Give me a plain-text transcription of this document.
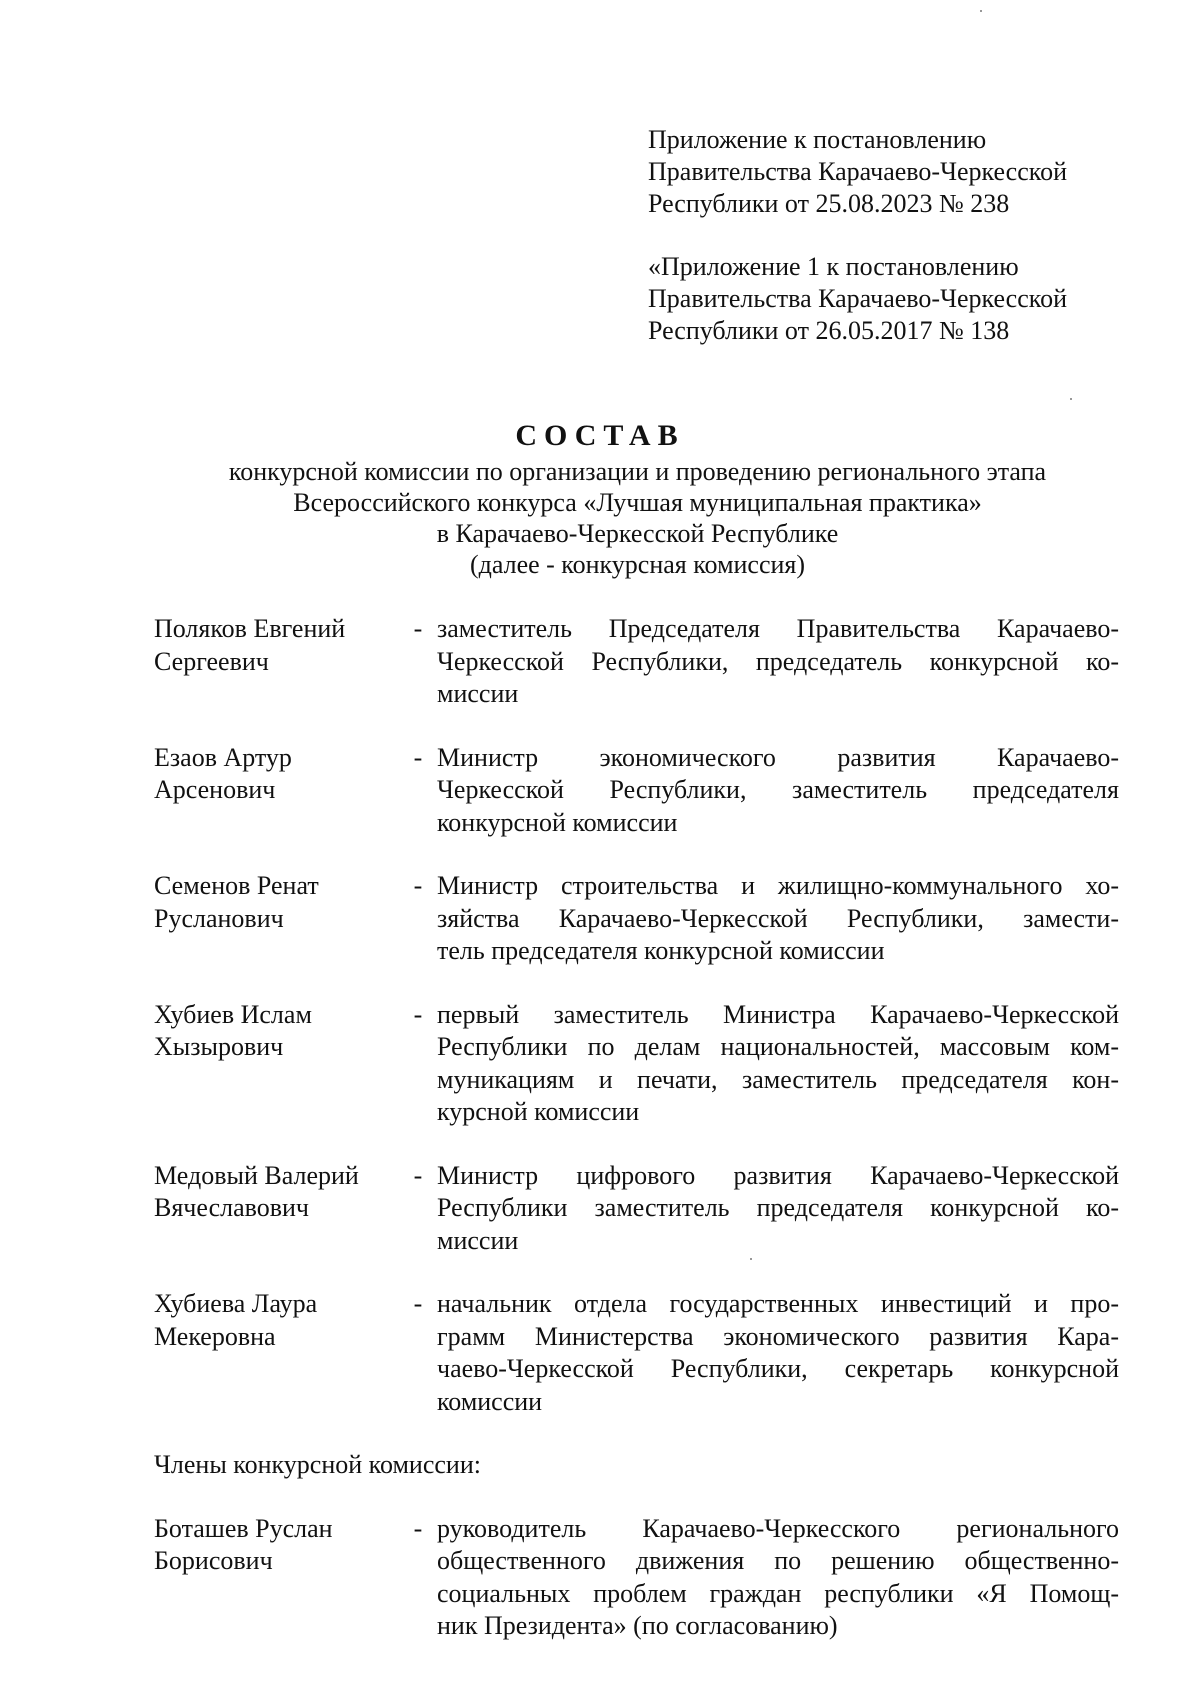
Приложение к постановлению
Правительства Карачаево-Черкесской
Республики от 25.08.2023 № 238
«Приложение 1 к постановлению
Правительства Карачаево-Черкесской
Республики от 26.05.2017 № 138
СОСТАВ
конкурсной комиссии по организации и проведению регионального этапа
Всероссийского конкурса «Лучшая муниципальная практика»
в Карачаево-Черкесской Республике
(далее - конкурсная комиссия)
Поляков Евгений
Сергеевич
- заместитель Председателя Правительства Карачаево-
Черкесской Республики, председатель конкурсной ко-
миссии
Езаов Артур
Арсенович
- Министр экономического развития Карачаево-
Черкесской Республики, заместитель председателя
конкурсной комиссии
Семенов Ренат
Русланович
- Министр строительства и жилищно-коммунального хо-
зяйства Карачаево-Черкесской Республики, замести-
тель председателя конкурсной комиссии
Хубиев Ислам
Хызырович
- первый заместитель Министра Карачаево-Черкесской
Республики по делам национальностей, массовым ком-
муникациям и печати, заместитель председателя кон-
курсной комиссии
Медовый Валерий
Вячеславович
- Министр цифрового развития Карачаево-Черкесской
Республики заместитель председателя конкурсной ко-
миссии
Хубиева Лаура
Мекеровна
- начальник отдела государственных инвестиций и про-
грамм Министерства экономического развития Кара-
чаево-Черкесской Республики, секретарь конкурсной
комиссии
Члены конкурсной комиссии:
Боташев Руслан
Борисович
- руководитель Карачаево-Черкесского регионального
общественного движения по решению общественно-
социальных проблем граждан республики «Я Помощ-
ник Президента» (по согласованию)
